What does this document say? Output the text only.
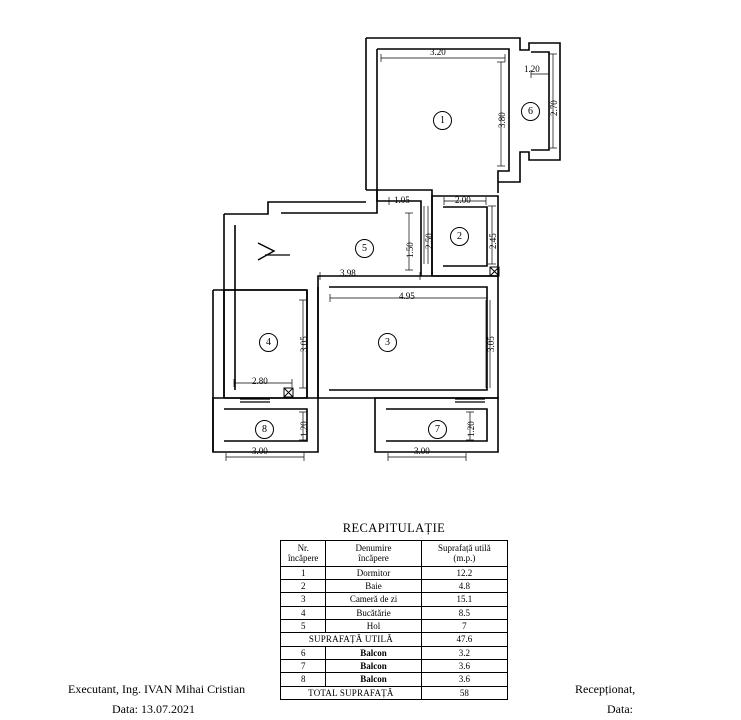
1
2
3
4
5
6
7
8
3.20
1.20
3.80
2.70
1.05	2.00
2.45
2.50
1.50
3.98
4.95
3.05	3.05
2.80
1.20	1.20
3.00	3.00
RECAPITULAȚIE
Nr.
încăpere

Denumire
încăpere

Suprafață utilă
(m.p.)

1	Dormitor	12.2
2	Baie	4.8
3	Cameră de zi	15.1
4	Bucătărie	8.5
5	Hol	7
SUPRAFAȚĂ UTILĂ		47.6
6	Balcon	3.2
7	Balcon	3.6
8	Balcon	3.6
TOTAL SUPRAFAȚĂ		58
Executant, Ing. IVAN Mihai Cristian
Data: 13.07.2021
Recepționat,
Data:
